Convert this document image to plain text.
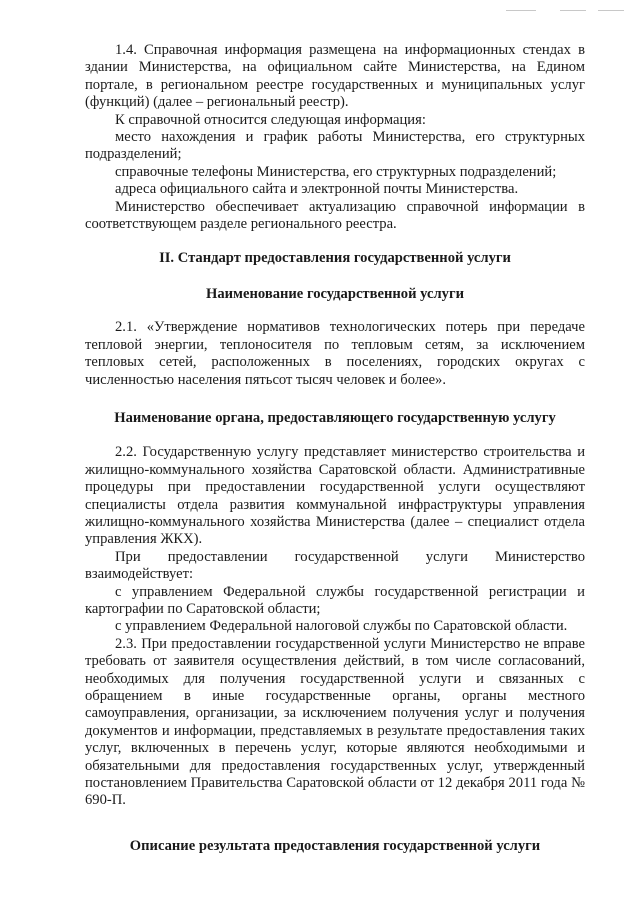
1.4. Справочная информация размещена на информационных стендах в здании Министерства, на официальном сайте Министерства, на Едином портале, в региональном реестре государственных и муниципальных услуг (функций) (далее – региональный реестр).

К справочной относится следующая информация:

место нахождения и график работы Министерства, его структурных подразделений;

справочные телефоны Министерства, его структурных подразделений;

адреса официального сайта и электронной почты Министерства.

Министерство обеспечивает актуализацию справочной информации в соответствующем разделе регионального реестра.

II. Стандарт предоставления государственной услуги
Наименование государственной услуги

2.1. «Утверждение нормативов технологических потерь при передаче тепловой энергии, теплоносителя по тепловым сетям, за исключением тепловых сетей, расположенных в поселениях, городских округах с численностью населения пятьсот тысяч человек и более».

Наименование органа, предоставляющего государственную услугу

2.2. Государственную услугу представляет министерство строительства и жилищно-коммунального хозяйства Саратовской области. Административные процедуры при предоставлении государственной услуги осуществляют специалисты отдела развития коммунальной инфраструктуры управления жилищно-коммунального хозяйства Министерства (далее – специалист отдела управления ЖКХ).

При предоставлении государственной услуги Министерство взаимодействует:

с управлением Федеральной службы государственной регистрации и картографии по Саратовской области;

с управлением Федеральной налоговой службы по Саратовской области.

2.3. При предоставлении государственной услуги Министерство не вправе требовать от заявителя осуществления действий, в том числе согласований, необходимых для получения государственной услуги и связанных с обращением в иные государственные органы, органы местного самоуправления, организации, за исключением получения услуг и получения документов и информации, представляемых в результате предоставления таких услуг, включенных в перечень услуг, которые являются необходимыми и обязательными для предоставления государственных услуг, утвержденный постановлением Правительства Саратовской области от 12 декабря 2011 года № 690-П.

Описание результата предоставления государственной услуги
